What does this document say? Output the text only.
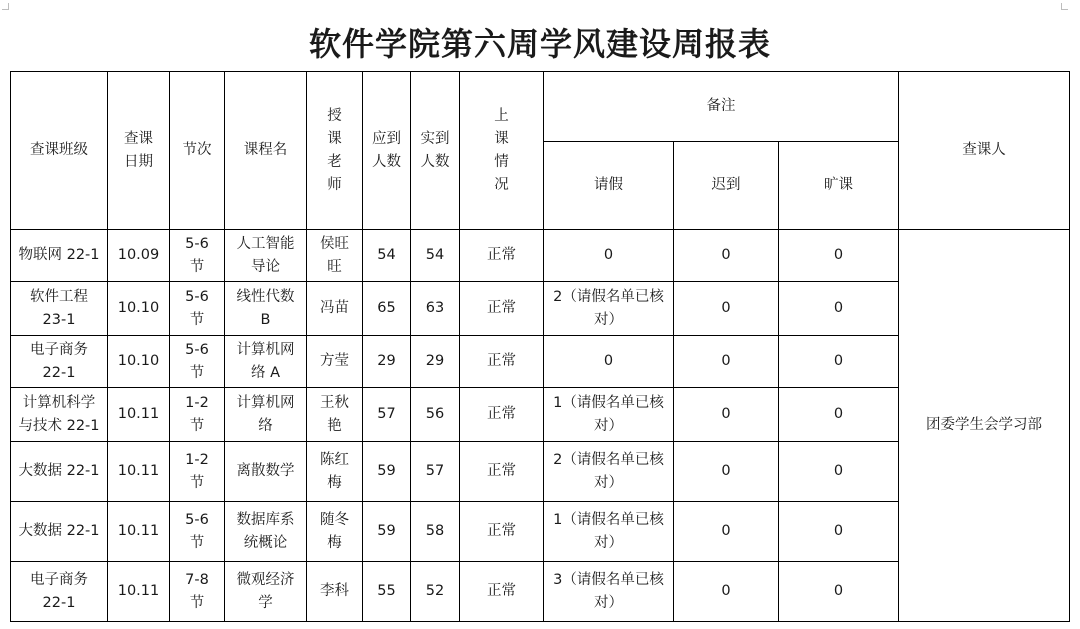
软件学院第六周学风建设周报表
查课班级	查课
日期	节次	课程名	授
课
老
师	应到
人数	实到
人数	上
课
情
况	备注			查课人
								请假	迟到	旷课	
物联网 22-1	10.09	5-6
节	人工智能
导论	侯旺
旺	54	54	正常	0	0	0	团委学生会学习部
软件工程
23-1	10.10	5-6
节	线性代数
B	冯苗	65	63	正常	2（请假名单已核
对）	0	0	
电子商务
22-1	10.10	5-6
节	计算机网
络 A	方莹	29	29	正常	0	0	0	
计算机科学
与技术 22-1	10.11	1-2
节	计算机网
络	王秋
艳	57	56	正常	1（请假名单已核
对）	0	0	
大数据 22-1	10.11	1-2
节	离散数学	陈红
梅	59	57	正常	2（请假名单已核
对）	0	0	
大数据 22-1	10.11	5-6
节	数据库系
统概论	随冬
梅	59	58	正常	1（请假名单已核
对）	0	0	
电子商务
22-1	10.11	7-8
节	微观经济
学	李科	55	52	正常	3（请假名单已核
对）	0	0	
